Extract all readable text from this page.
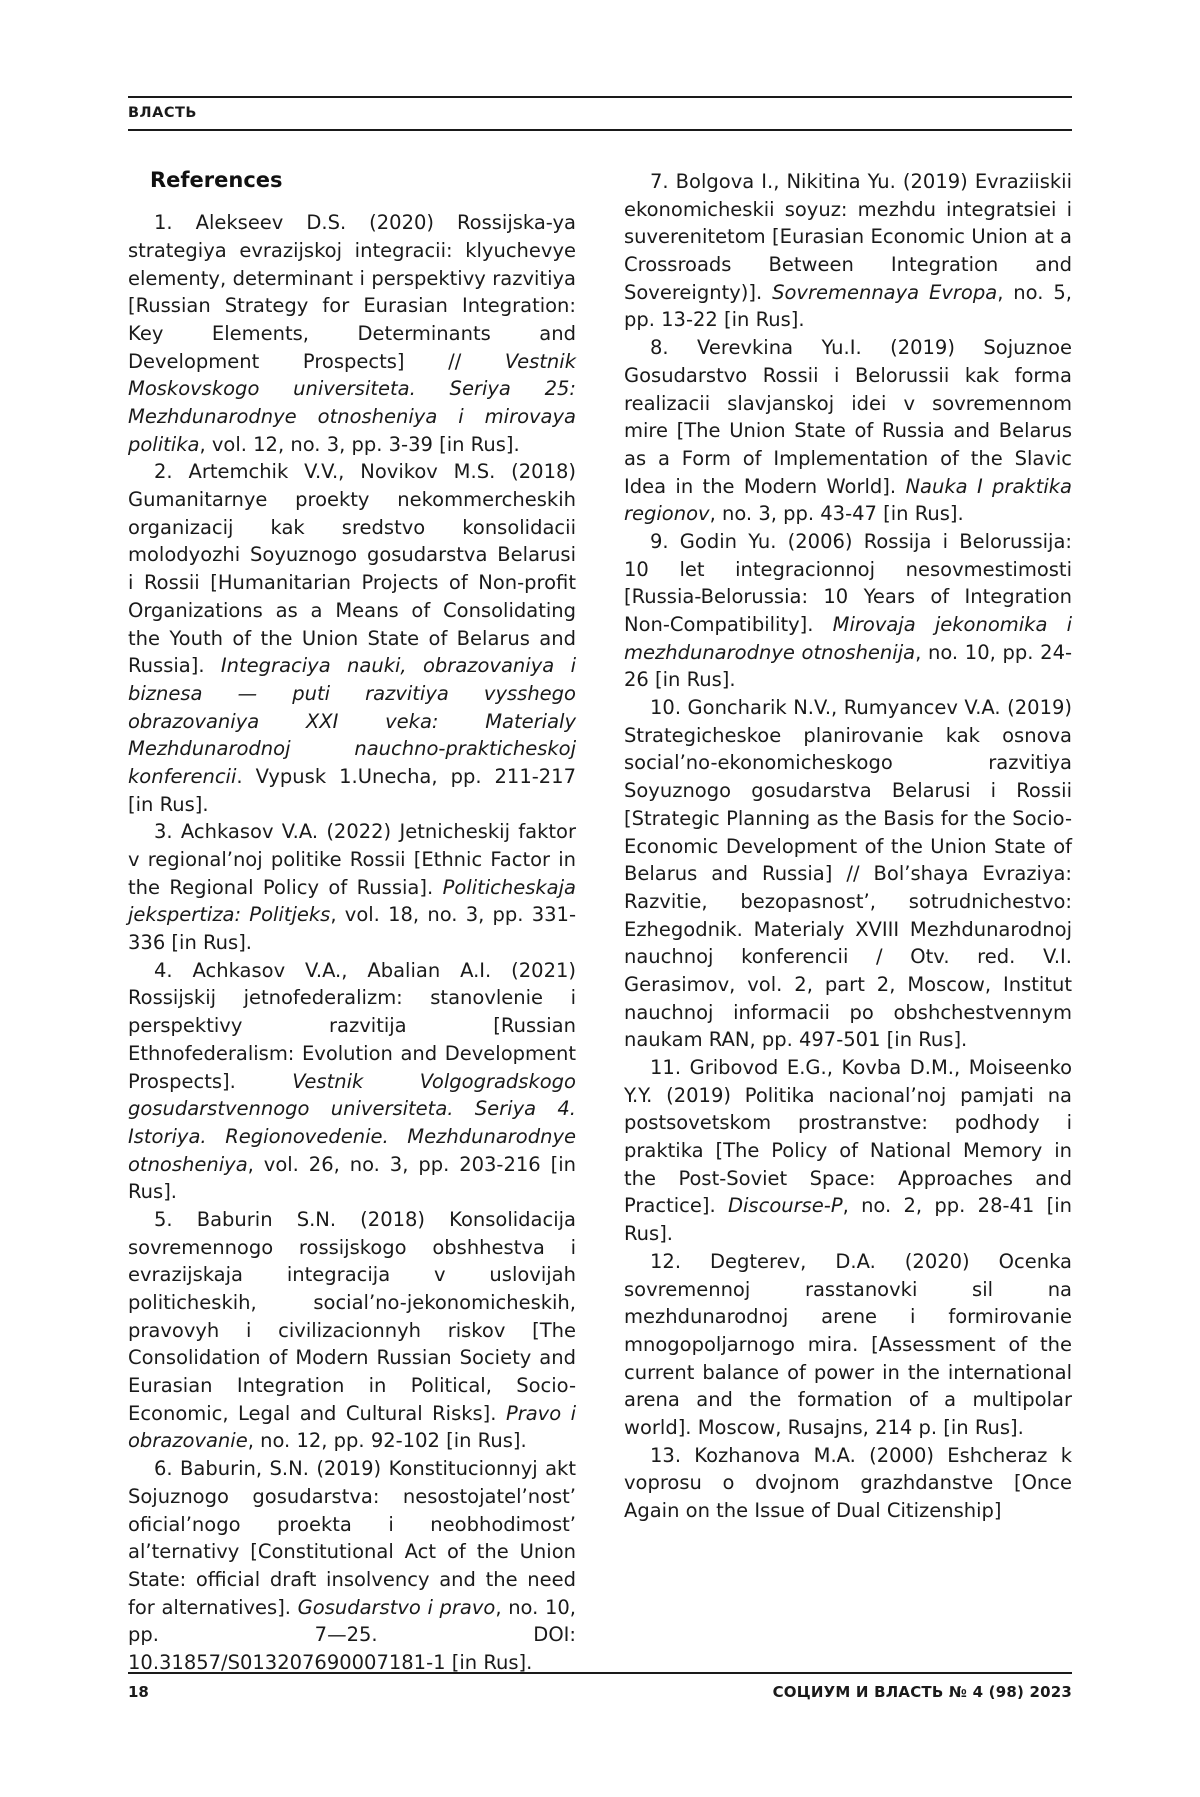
ВЛАСТЬ
References

1. Alekseev D.S. (2020) Rossijska-ya strategiya evrazijskoj integracii: klyuchevye elementy, determinant i perspektivy razvitiya [Russian Strategy for Eurasian Integration: Key Elements, Determinants and Development Prospects] // Vestnik Moskovskogo universiteta. Seriya 25: Mezhdunarodnye otnosheniya i mirovaya politika, vol. 12, no. 3, pp. 3-39 [in Rus].

2. Artemchik V.V., Novikov M.S. (2018) Gumanitarnye proekty nekommercheskih organizacij kak sredstvo konsolidacii molodyozhi Soyuznogo gosudarstva Belarusi i Rossii [Humanitarian Projects of Non-profit Organizations as a Means of Consolidating the Youth of the Union State of Belarus and Russia]. Integraciya nauki, obrazovaniya i biznesa — puti razvitiya vysshego obrazovaniya XXI veka: Materialy Mezhdunarodnoj nauchno-prakticheskoj konferencii. Vypusk 1.Unecha, pp. 211-217 [in Rus].

3. Achkasov V.A. (2022) Jetnicheskij faktor v regional’noj politike Rossii [Ethnic Factor in the Regional Policy of Russia]. Politicheskaja jekspertiza: Politjeks, vol. 18, no. 3, pp. 331-336 [in Rus].

4. Achkasov V.A., Abalian A.I. (2021) Rossijskij jetnofederalizm: stanovlenie i perspektivy razvitija [Russian Ethnofederalism: Evolution and Development Prospects]. Vestnik Volgogradskogo gosudarstvennogo universiteta. Seriya 4. Istoriya. Regionovedenie. Mezhdunarodnye otnosheniya, vol. 26, no. 3, pp. 203-216 [in Rus].

5. Baburin S.N. (2018) Konsolidacija sovremennogo rossijskogo obshhestva i evrazijskaja integracija v uslovijah politicheskih, social’no-jekonomicheskih, pravovyh i civilizacionnyh riskov [The Consolidation of Modern Russian Society and Eurasian Integration in Political, Socio-Economic, Legal and Cultural Risks]. Pravo i obrazovanie, no. 12, pp. 92-102 [in Rus].

6. Baburin, S.N. (2019) Konstitucionnyj akt Sojuznogo gosudarstva: nesostojatel’nost’ oficial’nogo proekta i neobhodimost’ al’ternativy [Constitutional Act of the Union State: official draft insolvency and the need for alternatives]. Gosudarstvo i pravo, no. 10, pp. 7—25. DOI: 10.31857/S013207690007181-1 [in Rus].

7. Bolgova I., Nikitina Yu. (2019) Evraziiskii ekonomicheskii soyuz: mezhdu integratsiei i suverenitetom [Eurasian Economic Union at a Crossroads Between Integration and Sovereignty)]. Sovremennaya Evropa, no. 5, pp. 13-22 [in Rus].

8. Verevkina Yu.I. (2019) Sojuznoe Gosudarstvo Rossii i Belorussii kak forma realizacii slavjanskoj idei v sovremennom mire [The Union State of Russia and Belarus as a Form of Implementation of the Slavic Idea in the Modern World]. Nauka I praktika regionov, no. 3, pp. 43-47 [in Rus].

9. Godin Yu. (2006) Rossija i Belorussija: 10 let integracionnoj nesovmestimosti [Russia-Belorussia: 10 Years of Integration Non-Compatibility]. Mirovaja jekonomika i mezhdunarodnye otnoshenija, no. 10, pp. 24-26 [in Rus].

10. Goncharik N.V., Rumyancev V.A. (2019) Strategicheskoe planirovanie kak osnova social’no-ekonomicheskogo razvitiya Soyuznogo gosudarstva Belarusi i Rossii [Strategic Planning as the Basis for the Socio-Economic Development of the Union State of Belarus and Russia] // Bol’shaya Evraziya: Razvitie, bezopasnost’, sotrudnichestvo: Ezhegodnik. Materialy XVIII Mezhdunarodnoj nauchnoj konferencii / Otv. red. V.I. Gerasimov, vol. 2, part 2, Moscow, Institut nauchnoj informacii po obshchestvennym naukam RAN, pp. 497-501 [in Rus].

11. Gribovod E.G., Kovba D.M., Moiseenko Y.Y. (2019) Politika nacional’noj pamjati na postsovetskom prostranstve: podhody i praktika [The Policy of National Memory in the Post-Soviet Space: Approaches and Practice]. Discourse-P, no. 2, pp. 28-41 [in Rus].

12. Degterev, D.A. (2020) Ocenka sovremennoj rasstanovki sil na mezhdunarodnoj arene i formirovanie mnogopoljarnogo mira. [Assessment of the current balance of power in the international arena and the formation of a multipolar world]. Moscow, Rusajns, 214 p. [in Rus].

13. Kozhanova M.A. (2000) Eshcheraz k voprosu o dvojnom grazhdanstve [Once Again on the Issue of Dual Citizenship]

18	СОЦИУМ И ВЛАСТЬ № 4 (98) 2023
